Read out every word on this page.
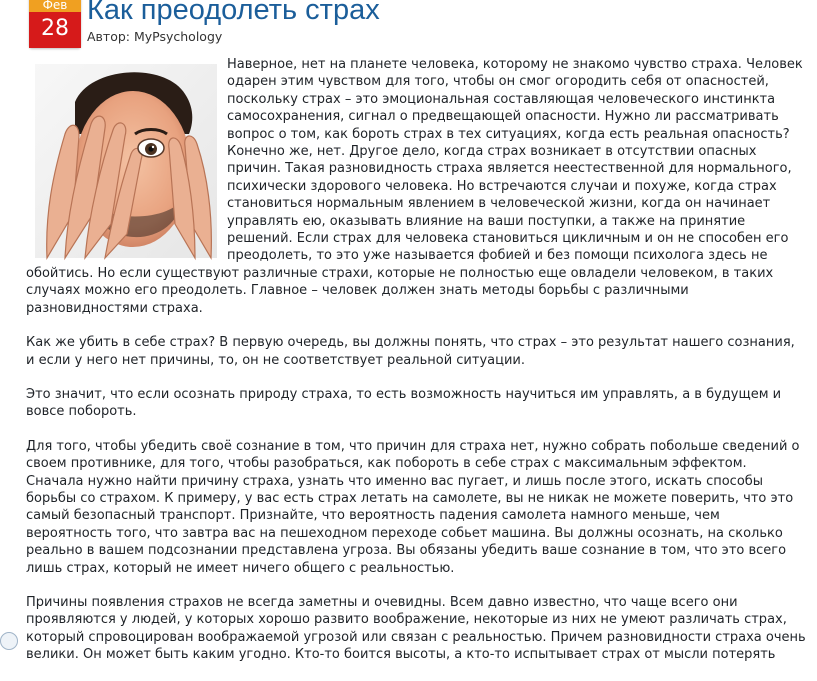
Фев
28
Как преодолеть страх
Автор: MyPsychology

Наверное, нет на планете человека, которому не знакомо чувство страха. Человек одарен этим чувством для того, чтобы он смог огородить себя от опасностей, поскольку страх – это эмоциональная составляющая человеческого инстинкта самосохранения, сигнал о предвещающей опасности. Нужно ли рассматривать вопрос о том, как бороть страх в тех ситуациях, когда есть реальная опасность? Конечно же, нет. Другое дело, когда страх возникает в отсутствии опасных причин. Такая разновидность страха является неестественной для нормального, психически здорового человека. Но встречаются случаи и похуже, когда страх становиться нормальным явлением в человеческой жизни, когда он начинает управлять ею, оказывать влияние на ваши поступки, а также на принятие решений. Если страх для человека становиться цикличным и он не способен его преодолеть, то это уже называется фобией и без помощи психолога здесь не обойтись. Но если существуют различные страхи, которые не полностью еще овладели человеком, в таких случаях можно его преодолеть. Главное – человек должен знать методы борьбы с различными разновидностями страха.

Как же убить в себе страх? В первую очередь, вы должны понять, что страх – это результат нашего сознания, и если у него нет причины, то, он не соответствует реальной ситуации.

Это значит, что если осознать природу страха, то есть возможность научиться им управлять, а в будущем и вовсе побороть.

Для того, чтобы убедить своё сознание в том, что причин для страха нет, нужно собрать побольше сведений о своем противнике, для того, чтобы разобраться, как побороть в себе страх с максимальным эффектом. Сначала нужно найти причину страха, узнать что именно вас пугает, и лишь после этого, искать способы борьбы со страхом. К примеру, у вас есть страх летать на самолете, вы не никак не можете поверить, что это самый безопасный транспорт. Признайте, что вероятность падения самолета намного меньше, чем вероятность того, что завтра вас на пешеходном переходе собьет машина. Вы должны осознать, на сколько реально в вашем подсознании представлена угроза. Вы обязаны убедить ваше сознание в том, что это всего лишь страх, который не имеет ничего общего с реальностью.

Причины появления страхов не всегда заметны и очевидны. Всем давно известно, что чаще всего они проявляются у людей, у которых хорошо развито воображение, некоторые из них не умеют различать страх, который спровоцирован воображаемой угрозой или связан с реальностью. Причем разновидности страха очень велики. Он может быть каким угодно. Кто-то боится высоты, а кто-то испытывает страх от мысли потерять
